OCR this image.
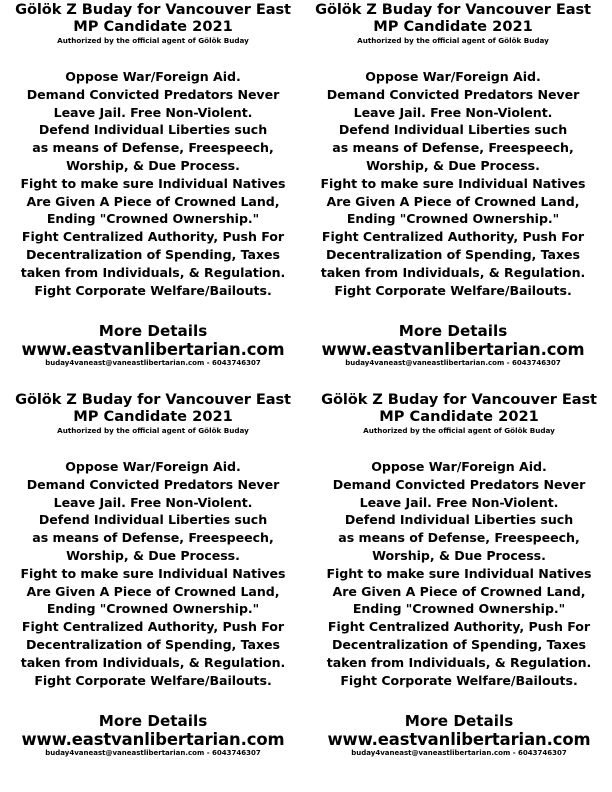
Gölök Z Buday for Vancouver East
MP Candidate 2021
Authorized by the official agent of Gölök Buday
Oppose War/Foreign Aid.
Demand Convicted Predators Never
Leave Jail. Free Non-Violent.
Defend Individual Liberties such
as means of Defense, Freespeech,
Worship, & Due Process.
Fight to make sure Individual Natives
Are Given A Piece of Crowned Land,
Ending "Crowned Ownership."
Fight Centralized Authority, Push For
Decentralization of Spending, Taxes
taken from Individuals, & Regulation.
Fight Corporate Welfare/Bailouts.
More Details
www.eastvanlibertarian.com
buday4vaneast@vaneastlibertarian.com - 6043746307
Gölök Z Buday for Vancouver East
MP Candidate 2021
Authorized by the official agent of Gölök Buday
Oppose War/Foreign Aid.
Demand Convicted Predators Never
Leave Jail. Free Non-Violent.
Defend Individual Liberties such
as means of Defense, Freespeech,
Worship, & Due Process.
Fight to make sure Individual Natives
Are Given A Piece of Crowned Land,
Ending "Crowned Ownership."
Fight Centralized Authority, Push For
Decentralization of Spending, Taxes
taken from Individuals, & Regulation.
Fight Corporate Welfare/Bailouts.
More Details
www.eastvanlibertarian.com
buday4vaneast@vaneastlibertarian.com - 6043746307
Gölök Z Buday for Vancouver East
MP Candidate 2021
Authorized by the official agent of Gölök Buday
Oppose War/Foreign Aid.
Demand Convicted Predators Never
Leave Jail. Free Non-Violent.
Defend Individual Liberties such
as means of Defense, Freespeech,
Worship, & Due Process.
Fight to make sure Individual Natives
Are Given A Piece of Crowned Land,
Ending "Crowned Ownership."
Fight Centralized Authority, Push For
Decentralization of Spending, Taxes
taken from Individuals, & Regulation.
Fight Corporate Welfare/Bailouts.
More Details
www.eastvanlibertarian.com
buday4vaneast@vaneastlibertarian.com - 6043746307
Gölök Z Buday for Vancouver East
MP Candidate 2021
Authorized by the official agent of Gölök Buday
Oppose War/Foreign Aid.
Demand Convicted Predators Never
Leave Jail. Free Non-Violent.
Defend Individual Liberties such
as means of Defense, Freespeech,
Worship, & Due Process.
Fight to make sure Individual Natives
Are Given A Piece of Crowned Land,
Ending "Crowned Ownership."
Fight Centralized Authority, Push For
Decentralization of Spending, Taxes
taken from Individuals, & Regulation.
Fight Corporate Welfare/Bailouts.
More Details
www.eastvanlibertarian.com
buday4vaneast@vaneastlibertarian.com - 6043746307
